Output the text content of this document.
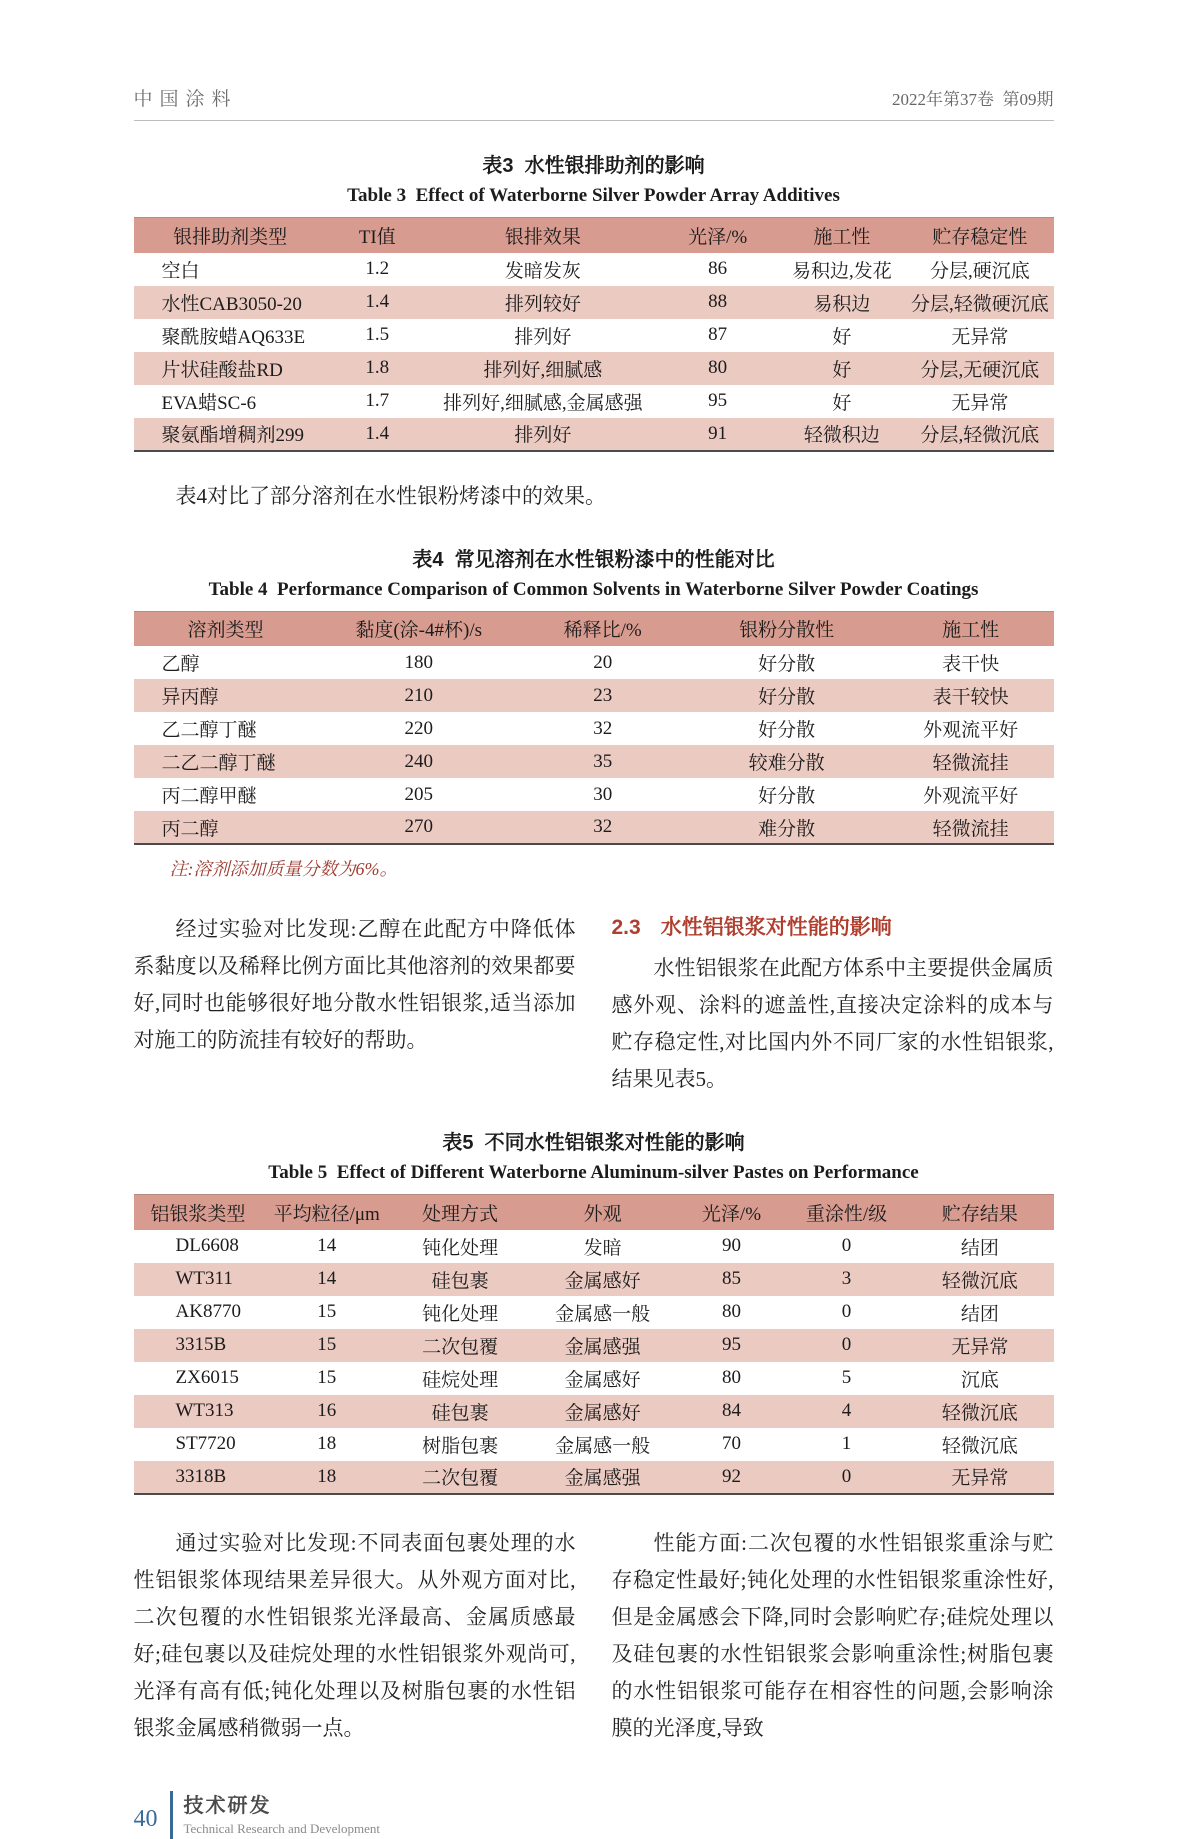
中国涂料	2022年第37卷  第09期
表3  水性银排助剂的影响
Table 3  Effect of Waterborne Silver Powder Array Additives
银排助剂类型	TI值	银排效果	光泽/%	施工性	贮存稳定性
空白	1.2	发暗发灰	86	易积边,发花	分层,硬沉底
水性CAB3050-20	1.4	排列较好	88	易积边	分层,轻微硬沉底
聚酰胺蜡AQ633E	1.5	排列好	87	好	无异常
片状硅酸盐RD	1.8	排列好,细腻感	80	好	分层,无硬沉底
EVA蜡SC-6	1.7	排列好,细腻感,金属感强	95	好	无异常
聚氨酯增稠剂299	1.4	排列好	91	轻微积边	分层,轻微沉底

表4对比了部分溶剂在水性银粉烤漆中的效果。

表4  常见溶剂在水性银粉漆中的性能对比
Table 4  Performance Comparison of Common Solvents in Waterborne Silver Powder Coatings
溶剂类型	黏度(涂-4#杯)/s	稀释比/%	银粉分散性	施工性
乙醇	180	20	好分散	表干快
异丙醇	210	23	好分散	表干较快
乙二醇丁醚	220	32	好分散	外观流平好
二乙二醇丁醚	240	35	较难分散	轻微流挂
丙二醇甲醚	205	30	好分散	外观流平好
丙二醇	270	32	难分散	轻微流挂

注:溶剂添加质量分数为6%。

经过实验对比发现:乙醇在此配方中降低体系黏度以及稀释比例方面比其他溶剂的效果都要好,同时也能够很好地分散水性铝银浆,适当添加对施工的防流挂有较好的帮助。

2.3 水性铝银浆对性能的影响

水性铝银浆在此配方体系中主要提供金属质感外观、涂料的遮盖性,直接决定涂料的成本与贮存稳定性,对比国内外不同厂家的水性铝银浆,结果见表5。

表5  不同水性铝银浆对性能的影响
Table 5  Effect of Different Waterborne Aluminum-silver Pastes on Performance
铝银浆类型	平均粒径/μm	处理方式	外观	光泽/%	重涂性/级	贮存结果
DL6608	14	钝化处理	发暗	90	0	结团
WT311	14	硅包裹	金属感好	85	3	轻微沉底
AK8770	15	钝化处理	金属感一般	80	0	结团
3315B	15	二次包覆	金属感强	95	0	无异常
ZX6015	15	硅烷处理	金属感好	80	5	沉底
WT313	16	硅包裹	金属感好	84	4	轻微沉底
ST7720	18	树脂包裹	金属感一般	70	1	轻微沉底
3318B	18	二次包覆	金属感强	92	0	无异常

通过实验对比发现:不同表面包裹处理的水性铝银浆体现结果差异很大。从外观方面对比,二次包覆的水性铝银浆光泽最高、金属质感最好;硅包裹以及硅烷处理的水性铝银浆外观尚可,光泽有高有低;钝化处理以及树脂包裹的水性铝银浆金属感稍微弱一点。

性能方面:二次包覆的水性铝银浆重涂与贮存稳定性最好;钝化处理的水性铝银浆重涂性好,但是金属感会下降,同时会影响贮存;硅烷处理以及硅包裹的水性铝银浆会影响重涂性;树脂包裹的水性铝银浆可能存在相容性的问题,会影响涂膜的光泽度,导致

40 技术研发
Technical Research and Development
